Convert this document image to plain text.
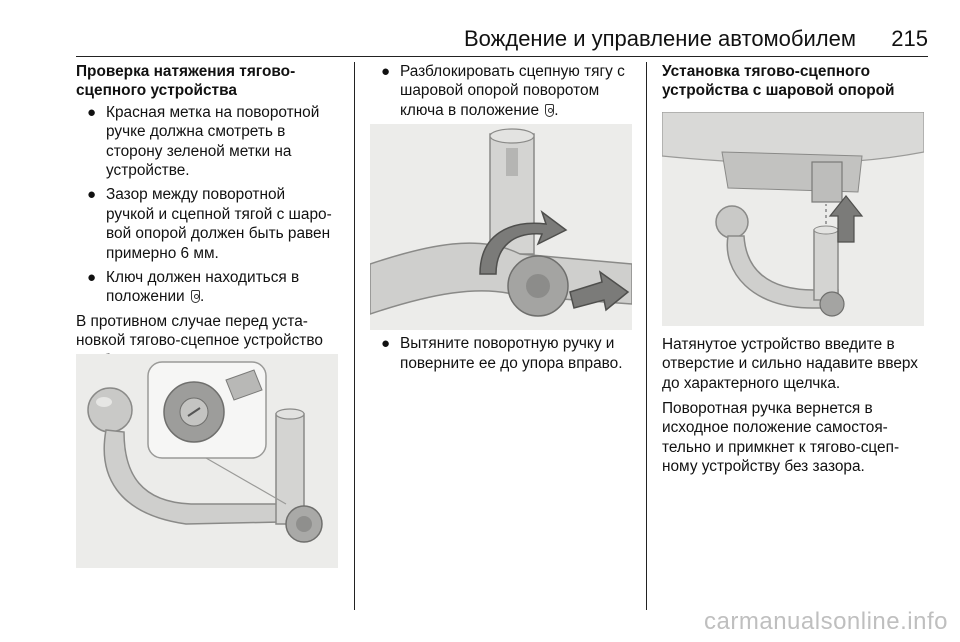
Вождение и управление автомобилем 215
Проверка натяжения тягово-
сцепного устройства
● Красная метка на поворотной
ручке должна смотреть в
сторону зеленой метки на
устройстве.
● Зазор между поворотной
ручкой и сцепной тягой с шаро-
вой опорой должен быть равен
примерно 6 мм.
● Ключ должен находиться в
положении .
В противном случае перед уста-
новкой тягово-сцепное устройство
● Разблокировать сцепную тягу с
шаровой опорой поворотом
ключа в положение .
● Вытяните поворотную ручку и
поверните ее до упора вправо.
Установка тягово-сцепного
устройства с шаровой опорой
Натянутое устройство введите в
отверстие и сильно надавите вверх
до характерного щелчка.
Поворотная ручка вернется в
исходное положение самостоя-
тельно и примкнет к тягово-сцеп-
ному устройству без зазора.
carmanualsonline.info
